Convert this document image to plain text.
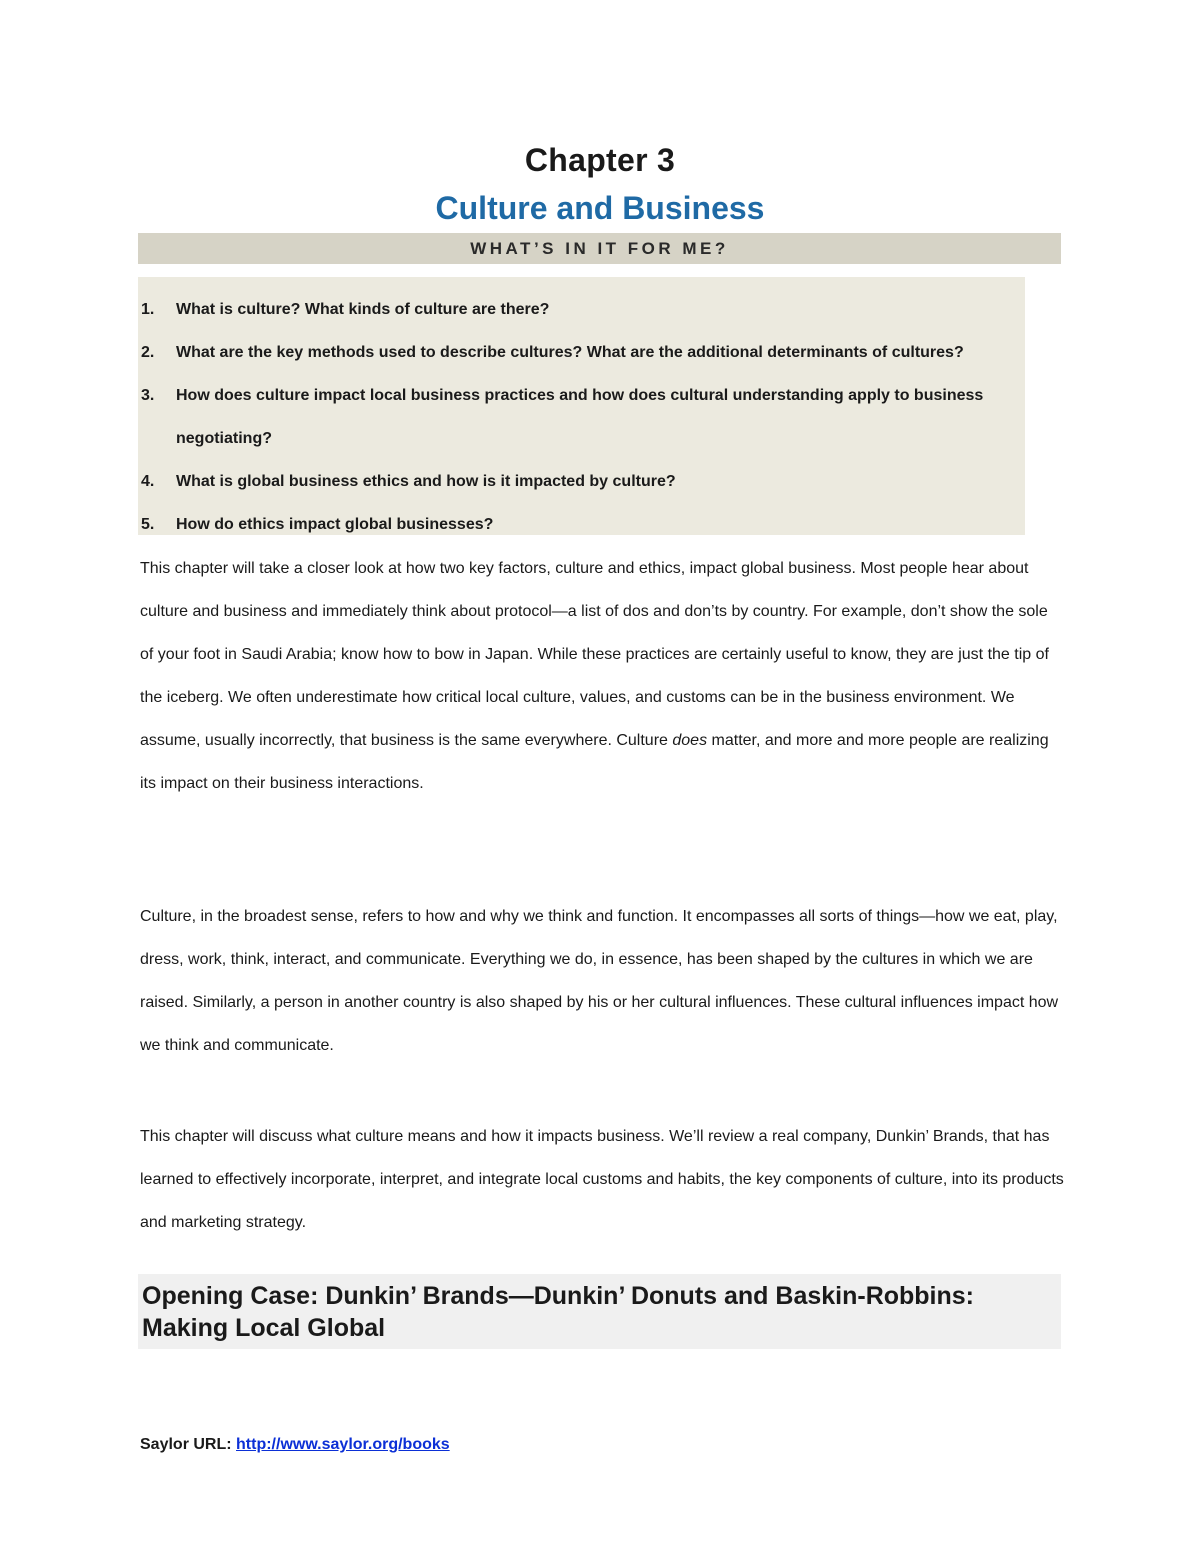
Chapter 3
Culture and Business
WHAT’S IN IT FOR ME?
1.	What is culture? What kinds of culture are there?
2.	What are the key methods used to describe cultures? What are the additional determinants of cultures?
3.	How does culture impact local business practices and how does cultural understanding apply to business
negotiating?
4.	What is global business ethics and how is it impacted by culture?
5.	How do ethics impact global businesses?

This chapter will take a closer look at how two key factors, culture and ethics, impact global business. Most people hear about culture and business and immediately think about protocol—a list of dos and don’ts by country. For example, don’t show the sole of your foot in Saudi Arabia; know how to bow in Japan. While these practices are certainly useful to know, they are just the tip of the iceberg. We often underestimate how critical local culture, values, and customs can be in the business environment. We assume, usually incorrectly, that business is the same everywhere. Culture does matter, and more and more people are realizing its impact on their business interactions.

Culture, in the broadest sense, refers to how and why we think and function. It encompasses all sorts of things—how we eat, play, dress, work, think, interact, and communicate. Everything we do, in essence, has been shaped by the cultures in which we are raised. Similarly, a person in another country is also shaped by his or her cultural influences. These cultural influences impact how we think and communicate.

This chapter will discuss what culture means and how it impacts business. We’ll review a real company, Dunkin’ Brands, that has learned to effectively incorporate, interpret, and integrate local customs and habits, the key components of culture, into its products and marketing strategy.

Opening Case: Dunkin’ Brands—Dunkin’ Donuts and Baskin-Robbins: Making Local Global
Saylor URL: http://www.saylor.org/books
